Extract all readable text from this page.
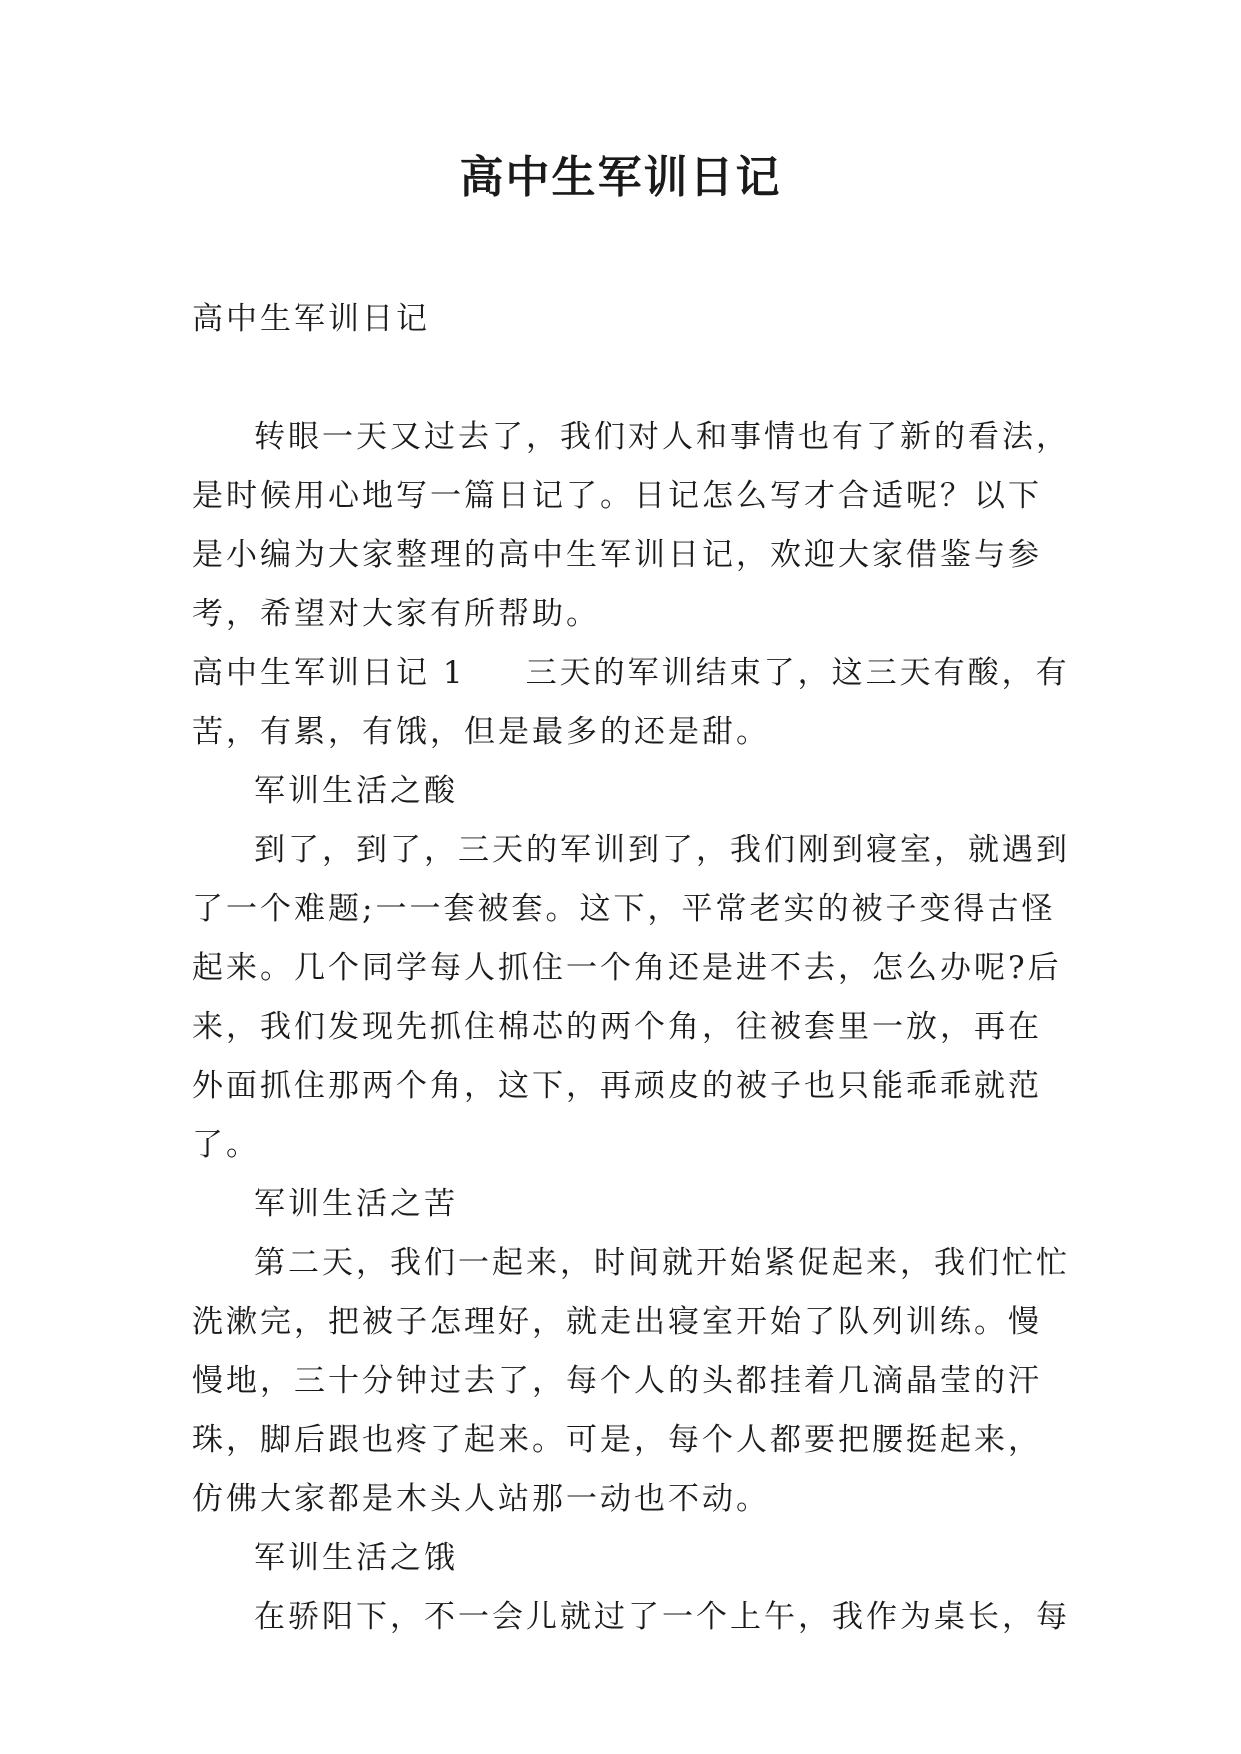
高中生军训日记

高中生军训日记

转眼一天又过去了，我们对人和事情也有了新的看法，是时候用心地写一篇日记了。日记怎么写才合适呢？以下是小编为大家整理的高中生军训日记，欢迎大家借鉴与参考，希望对大家有所帮助。

高中生军训日记 1 三天的军训结束了，这三天有酸，有苦，有累，有饿，但是最多的还是甜。

军训生活之酸

到了，到了，三天的军训到了，我们刚到寝室，就遇到了一个难题;一一套被套。这下，平常老实的被子变得古怪起来。几个同学每人抓住一个角还是进不去，怎么办呢?后来，我们发现先抓住棉芯的两个角，往被套里一放，再在外面抓住那两个角，这下，再顽皮的被子也只能乖乖就范了。

军训生活之苦

第二天，我们一起来，时间就开始紧促起来，我们忙忙洗漱完，把被子怎理好，就走出寝室开始了队列训练。慢慢地，三十分钟过去了，每个人的头都挂着几滴晶莹的汗珠，脚后跟也疼了起来。可是，每个人都要把腰挺起来，仿佛大家都是木头人站那一动也不动。

军训生活之饿

在骄阳下，不一会儿就过了一个上午，我作为桌长，每
